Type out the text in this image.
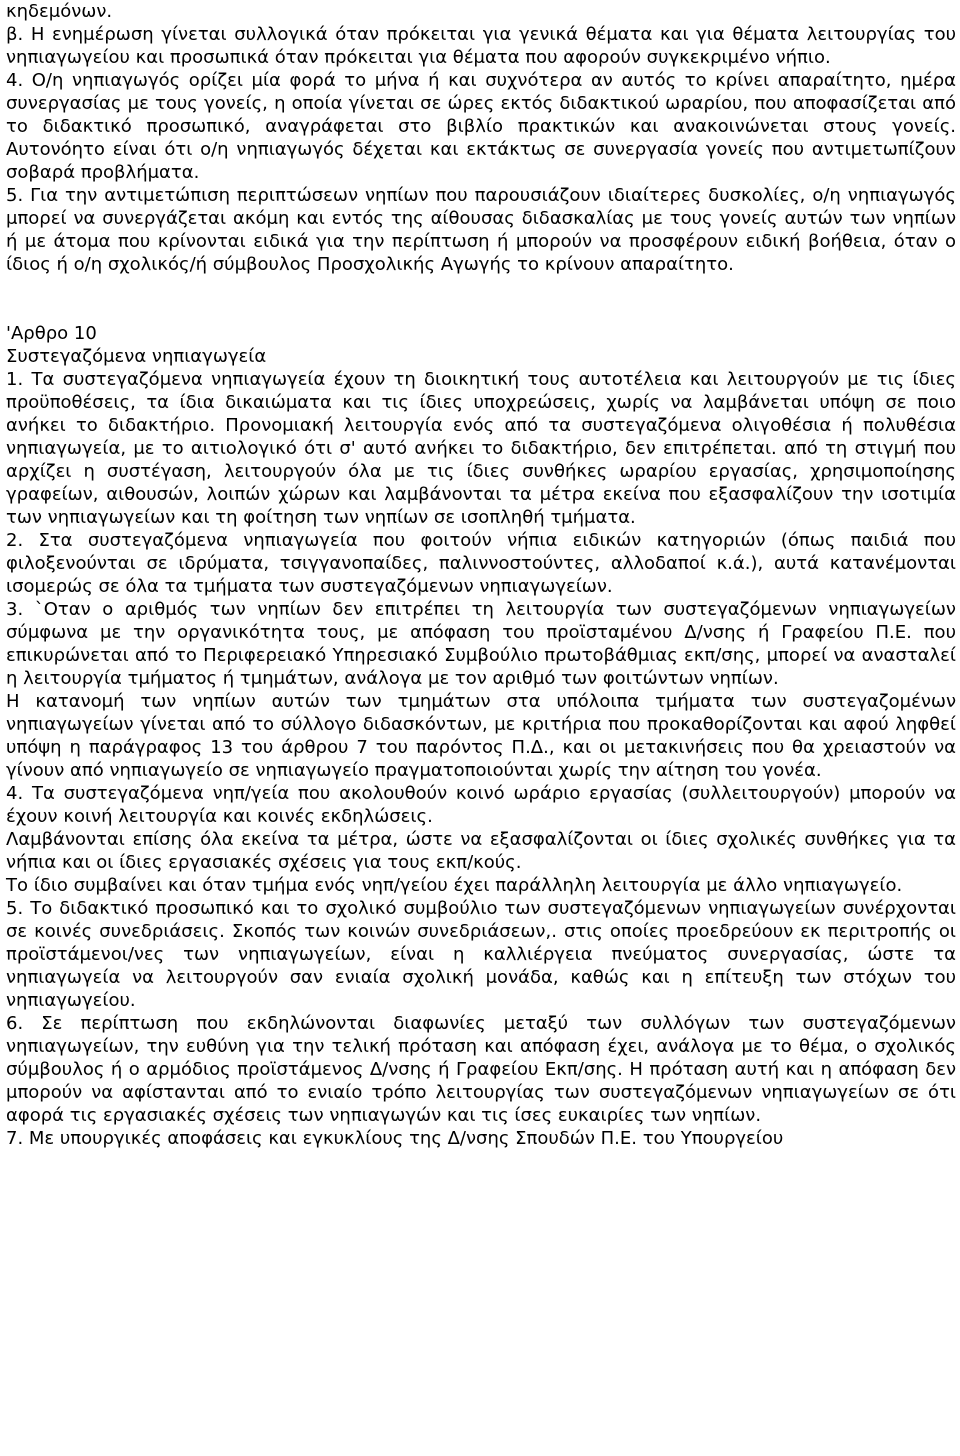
κηδεμόνων.

β. Η ενημέρωση γίνεται συλλογικά όταν πρόκειται για γενικά θέματα και για θέματα λειτουργίας του νηπιαγωγείου και προσωπικά όταν πρόκειται για θέματα που αφορούν συγκεκριμένο νήπιο.

4. Ο/η νηπιαγωγός ορίζει μία φορά το μήνα ή και συχνότερα αν αυτός το κρίνει απαραίτητο, ημέρα συνεργασίας με τους γονείς, η οποία γίνεται σε ώρες εκτός διδακτικού ωραρίου, που αποφασίζεται από το διδακτικό προσωπικό, αναγράφεται στο βιβλίο πρακτικών και ανακοινώνεται στους γονείς. Αυτονόητο είναι ότι ο/η νηπιαγωγός δέχεται και εκτάκτως σε συνεργασία γονείς που αντιμετωπίζουν σοβαρά προβλήματα.

5. Για την αντιμετώπιση περιπτώσεων νηπίων που παρουσιάζουν ιδιαίτερες δυσκολίες, ο/η νηπιαγωγός μπορεί να συνεργάζεται ακόμη και εντός της αίθουσας διδασκαλίας με τους γονείς αυτών των νηπίων ή με άτομα που κρίνονται ειδικά για την περίπτωση ή μπορούν να προσφέρουν ειδική βοήθεια, όταν ο ίδιος ή ο/η σχολικός/ή σύμβουλος Προσχολικής Αγωγής το κρίνουν απαραίτητο.

'Αρθρο 10

Συστεγαζόμενα νηπιαγωγεία

1. Τα συστεγαζόμενα νηπιαγωγεία έχουν τη διοικητική τους αυτοτέλεια και λειτουργούν με τις ίδιες προϋποθέσεις, τα ίδια δικαιώματα και τις ίδιες υποχρεώσεις, χωρίς να λαμβάνεται υπόψη σε ποιο ανήκει το διδακτήριο. Προνομιακή λειτουργία ενός από τα συστεγαζόμενα ολιγοθέσια ή πολυθέσια νηπιαγωγεία, με το αιτιολογικό ότι σ' αυτό ανήκει το διδακτήριο, δεν επιτρέπεται. από τη στιγμή που αρχίζει η συστέγαση, λειτουργούν όλα με τις ίδιες συνθήκες ωραρίου εργασίας, χρησιμοποίησης γραφείων, αιθουσών, λοιπών χώρων και λαμβάνονται τα μέτρα εκείνα που εξασφαλίζουν την ισοτιμία των νηπιαγωγείων και τη φοίτηση των νηπίων σε ισοπληθή τμήματα.

2. Στα συστεγαζόμενα νηπιαγωγεία που φοιτούν νήπια ειδικών κατηγοριών (όπως παιδιά που φιλοξενούνται σε ιδρύματα, τσιγγανοπαίδες, παλιννοστούντες, αλλοδαποί κ.ά.), αυτά κατανέμονται ισομερώς σε όλα τα τμήματα των συστεγαζόμενων νηπιαγωγείων.

3. `Οταν ο αριθμός των νηπίων δεν επιτρέπει τη λειτουργία των συστεγαζόμενων νηπιαγωγείων σύμφωνα με την οργανικότητα τους, με απόφαση του προϊσταμένου Δ/νσης ή Γραφείου Π.Ε. που επικυρώνεται από το Περιφερειακό Υπηρεσιακό Συμβούλιο πρωτοβάθμιας εκπ/σης, μπορεί να ανασταλεί η λειτουργία τμήματος ή τμημάτων, ανάλογα με τον αριθμό των φοιτώντων νηπίων.

Η κατανομή των νηπίων αυτών των τμημάτων στα υπόλοιπα τμήματα των συστεγαζομένων νηπιαγωγείων γίνεται από το σύλλογο διδασκόντων, με κριτήρια που προκαθορίζονται και αφού ληφθεί υπόψη η παράγραφος 13 του άρθρου 7 του παρόντος Π.Δ., και οι μετακινήσεις που θα χρειαστούν να γίνουν από νηπιαγωγείο σε νηπιαγωγείο πραγματοποιούνται χωρίς την αίτηση του γονέα.

4. Τα συστεγαζόμενα νηπ/γεία που ακολουθούν κοινό ωράριο εργασίας (συλλειτουργούν) μπορούν να έχουν κοινή λειτουργία και κοινές εκδηλώσεις.

Λαμβάνονται επίσης όλα εκείνα τα μέτρα, ώστε να εξασφαλίζονται οι ίδιες σχολικές συνθήκες για τα νήπια και οι ίδιες εργασιακές σχέσεις για τους εκπ/κούς.

Το ίδιο συμβαίνει και όταν τμήμα ενός νηπ/γείου έχει παράλληλη λειτουργία με άλλο νηπιαγωγείο.

5. Το διδακτικό προσωπικό και το σχολικό συμβούλιο των συστεγαζόμενων νηπιαγωγείων συνέρχονται σε κοινές συνεδριάσεις. Σκοπός των κοινών συνεδριάσεων,. στις οποίες προεδρεύουν εκ περιτροπής οι προϊστάμενοι/νες των νηπιαγωγείων, είναι η καλλιέργεια πνεύματος συνεργασίας, ώστε τα νηπιαγωγεία να λειτουργούν σαν ενιαία σχολική μονάδα, καθώς και η επίτευξη των στόχων του νηπιαγωγείου.

6. Σε περίπτωση που εκδηλώνονται διαφωνίες μεταξύ των συλλόγων των συστεγαζόμενων νηπιαγωγείων, την ευθύνη για την τελική πρόταση και απόφαση έχει, ανάλογα με το θέμα, ο σχολικός σύμβουλος ή ο αρμόδιος προϊστάμενος Δ/νσης ή Γραφείου Εκπ/σης. Η πρόταση αυτή και η απόφαση δεν μπορούν να αφίστανται από το ενιαίο τρόπο λειτουργίας των συστεγαζόμενων νηπιαγωγείων σε ότι αφορά τις εργασιακές σχέσεις των νηπιαγωγών και τις ίσες ευκαιρίες των νηπίων.

7. Με υπουργικές αποφάσεις και εγκυκλίους της Δ/νσης Σπουδών Π.Ε. του Υπουργείου
